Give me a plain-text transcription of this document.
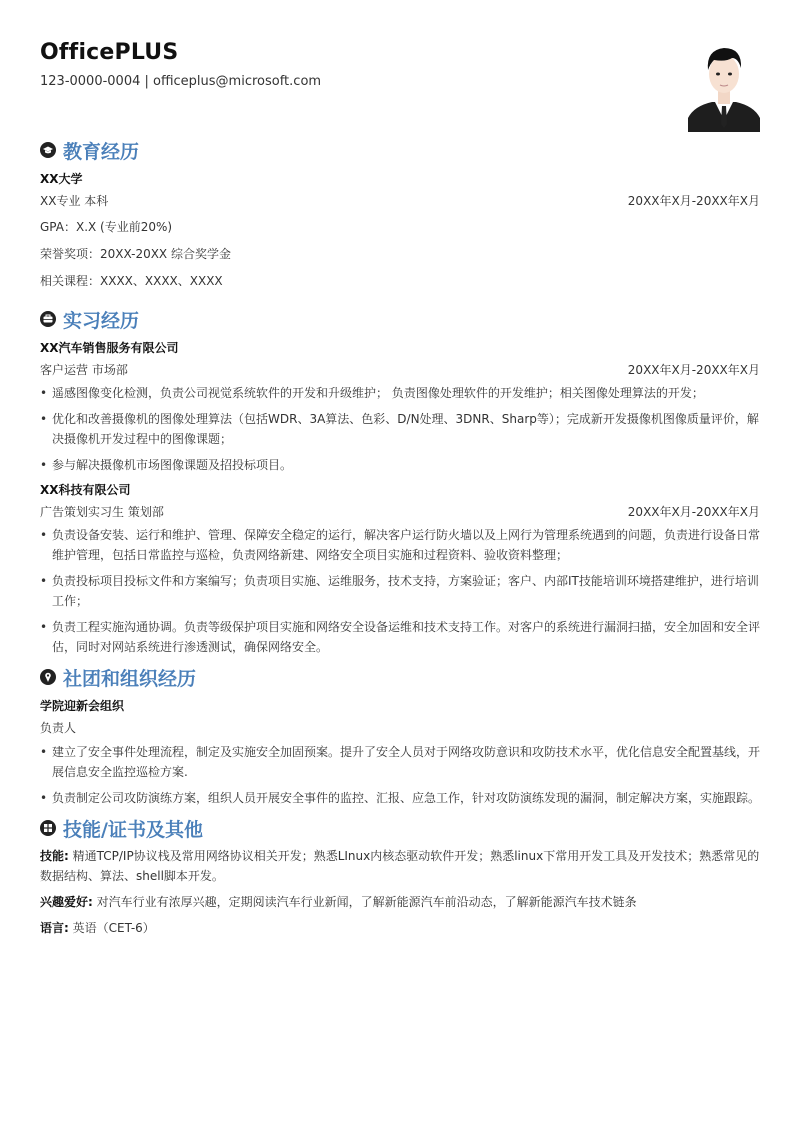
OfficePLUS
123-0000-0004 | officeplus@microsoft.com
教育经历
XX大学
XX专业 本科	20XX年X月-20XX年X月
GPA：X.X (专业前20%)
荣誉奖项：20XX-20XX 综合奖学金
相关课程：XXXX、XXXX、XXXX
实习经历
XX汽车销售服务有限公司
客户运营 市场部	20XX年X月-20XX年X月
• 遥感图像变化检测，负责公司视觉系统软件的开发和升级维护； 负责图像处理软件的开发维护；相关图像处理算法的开发；
• 优化和改善摄像机的图像处理算法（包括WDR、3A算法、色彩、D/N处理、3DNR、Sharp等）；完成新开发摄像机图像质量评价，解决摄像机开发过程中的图像课题；
• 参与解决摄像机市场图像课题及招投标项目。
XX科技有限公司
广告策划实习生 策划部	20XX年X月-20XX年X月
• 负责设备安装、运行和维护、管理、保障安全稳定的运行，解决客户运行防火墙以及上网行为管理系统遇到的问题，负责进行设备日常维护管理，包括日常监控与巡检，负责网络新建、网络安全项目实施和过程资料、验收资料整理；
• 负责投标项目投标文件和方案编写；负责项目实施、运维服务，技术支持，方案验证；客户、内部IT技能培训环境搭建维护，进行培训工作；
• 负责工程实施沟通协调。负责等级保护项目实施和网络安全设备运维和技术支持工作。对客户的系统进行漏洞扫描，安全加固和安全评估，同时对网站系统进行渗透测试，确保网络安全。
社团和组织经历
学院迎新会组织
负责人
• 建立了安全事件处理流程，制定及实施安全加固预案。提升了安全人员对于网络攻防意识和攻防技术水平，优化信息安全配置基线，开展信息安全监控巡检方案.
• 负责制定公司攻防演练方案，组织人员开展安全事件的监控、汇报、应急工作，针对攻防演练发现的漏洞，制定解决方案，实施跟踪。
技能/证书及其他
技能: 精通TCP/IP协议栈及常用网络协议相关开发；熟悉LInux内核态驱动软件开发；熟悉linux下常用开发工具及开发技术；熟悉常见的数据结构、算法、shell脚本开发。
兴趣爱好: 对汽车行业有浓厚兴趣，定期阅读汽车行业新闻，了解新能源汽车前沿动态，了解新能源汽车技术链条
语言: 英语（CET-6）
